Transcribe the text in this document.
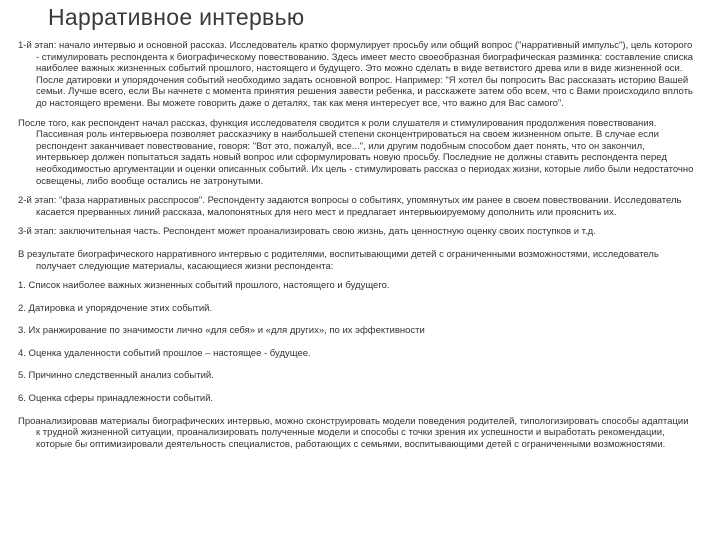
Нарративное интервью

1-й этап: начало интервью и основной рассказ. Исследователь кратко формулирует просьбу или общий вопрос ("нарративный импульс"), цель которого - стимулировать респондента к биографическому повествованию. Здесь имеет место своеобразная биографическая разминка: составление списка наиболее важных жизненных событий прошлого, настоящего и будущего. Это можно сделать в виде ветвистого древа или в виде жизненной оси. После датировки и упорядочения событий необходимо задать основной вопрос. Например: "Я хотел бы попросить Вас рассказать историю Вашей семьи. Лучше всего, если Вы начнете с момента принятия решения завести ребенка, и расскажете затем обо всем, что с Вами происходило вплоть до настоящего времени. Вы можете говорить даже о деталях, так как меня интересует все, что важно для Вас самого".

После того, как респондент начал рассказ, функция исследователя сводится к роли слушателя и стимулирования продолжения повествования. Пассивная роль интервьюера позволяет рассказчику в наибольшей степени сконцентрироваться на своем жизненном опыте. В случае если респондент заканчивает повествование, говоря: "Вот это, пожалуй, все...", или другим подобным способом дает понять, что он закончил, интервьюер должен попытаться задать новый вопрос или сформулировать новую просьбу. Последние не должны ставить респондента перед необходимостью аргументации и оценки описанных событий. Их цель - стимулировать рассказ о периодах жизни, которые либо были недостаточно освещены, либо вообще остались не затронутыми.

2-й этап: "фаза нарративных расспросов". Респонденту задаются вопросы о событиях, упомянутых им ранее в своем повествовании. Исследователь касается прерванных линий рассказа, малопонятных для него мест и предлагает интервьюируемому дополнить или прояснить их.

3-й этап: заключительная часть. Респондент может проанализировать свою жизнь, дать ценностную оценку своих поступков и т.д.

В результате биографического нарративного интервью с родителями, воспитывающими детей с ограниченными возможностями, исследователь получает следующие материалы, касающиеся жизни респондента:

1. Список наиболее важных жизненных событий прошлого, настоящего и будущего.

2. Датировка и упорядочение этих событий.

3. Их ранжирование по значимости лично «для себя» и «для других», по их эффективности

4. Оценка удаленности событий прошлое – настоящее - будущее.

5. Причинно следственный анализ событий.

6. Оценка сферы принадлежности событий.

Проанализировав материалы биографических интервью, можно сконструировать модели поведения родителей, типологизировать способы адаптации к трудной жизненной ситуации, проанализировать полученные модели и способы с точки зрения их успешности и выработать рекомендации, которые бы оптимизировали деятельность специалистов, работающих с семьями, воспитывающими детей с ограниченными возможностями.
